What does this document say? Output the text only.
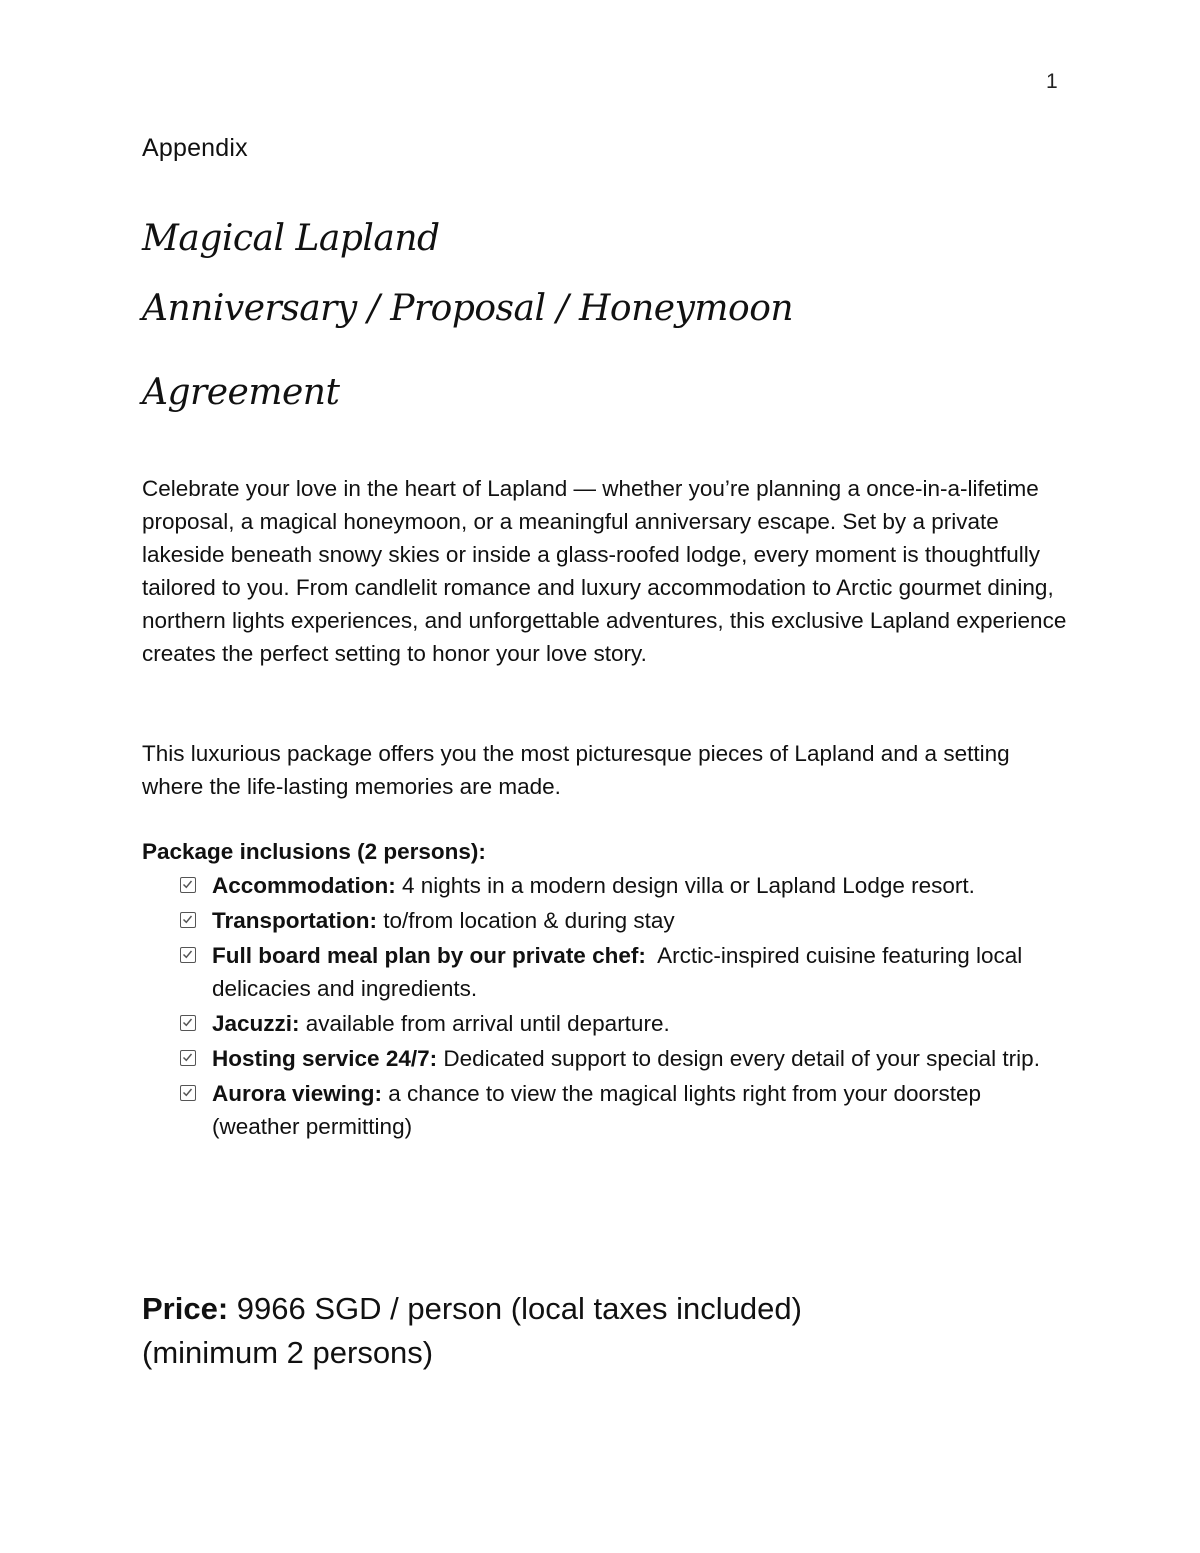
1
Appendix
Magical Lapland
Anniversary / Proposal / Honeymoon
Agreement

Celebrate your love in the heart of Lapland — whether you’re planning a once-in-a-lifetime proposal, a magical honeymoon, or a meaningful anniversary escape. Set by a private lakeside beneath snowy skies or inside a glass-roofed lodge, every moment is thoughtfully tailored to you. From candlelit romance and luxury accommodation to Arctic gourmet dining, northern lights experiences, and unforgettable adventures, this exclusive Lapland experience creates the perfect setting to honor your love story.

This luxurious package offers you the most picturesque pieces of Lapland and a setting where the life-lasting memories are made.

Package inclusions (2 persons):
Accommodation: 4 nights in a modern design villa or Lapland Lodge resort.
Transportation: to/from location & during stay
Full board meal plan by our private chef:  Arctic-inspired cuisine featuring local delicacies and ingredients.
Jacuzzi: available from arrival until departure.
Hosting service 24/7: Dedicated support to design every detail of your special trip.
Aurora viewing: a chance to view the magical lights right from your doorstep (weather permitting)
Price: 9966 SGD / person (local taxes included)
(minimum 2 persons)
